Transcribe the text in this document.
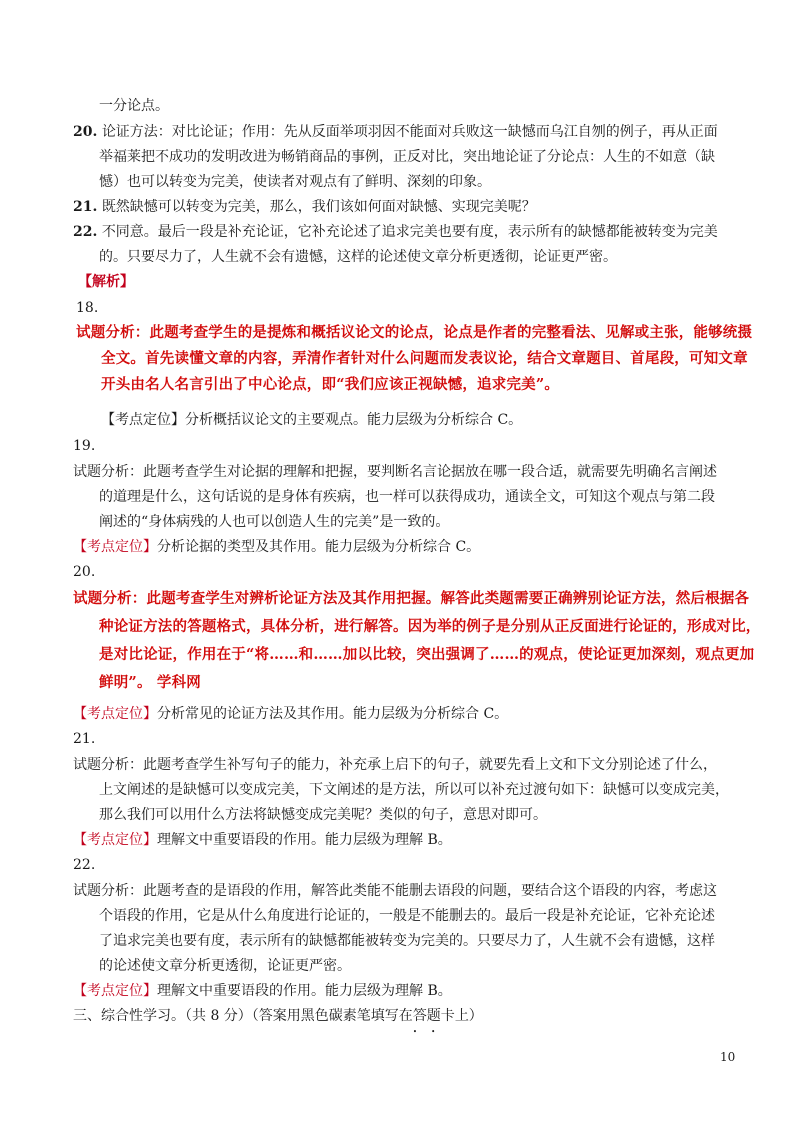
一分论点。
20. 论证方法：对比论证；作用：先从反面举项羽因不能面对兵败这一缺憾而乌江自刎的例子，再从正面
举福莱把不成功的发明改进为畅销商品的事例，正反对比，突出地论证了分论点：人生的不如意（缺
憾）也可以转变为完美，使读者对观点有了鲜明、深刻的印象。
21. 既然缺憾可以转变为完美，那么，我们该如何面对缺憾、实现完美呢？
22. 不同意。最后一段是补充论证，它补充论述了追求完美也要有度，表示所有的缺憾都能被转变为完美
的。只要尽力了，人生就不会有遗憾，这样的论述使文章分析更透彻，论证更严密。
【解析】
18.
试题分析：此题考查学生的是提炼和概括议论文的论点，论点是作者的完整看法、见解或主张，能够统摄
全文。首先读懂文章的内容，弄清作者针对什么问题而发表议论，结合文章题目、首尾段，可知文章
开头由名人名言引出了中心论点，即“我们应该正视缺憾，追求完美”。
【考点定位】分析概括议论文的主要观点。能力层级为分析综合 C。
19.
试题分析：此题考查学生对论据的理解和把握，要判断名言论据放在哪一段合适，就需要先明确名言阐述
的道理是什么，这句话说的是身体有疾病，也一样可以获得成功，通读全文，可知这个观点与第二段
阐述的“身体病残的人也可以创造人生的完美”是一致的。
【考点定位】分析论据的类型及其作用。能力层级为分析综合 C。
20.
试题分析：此题考查学生对辨析论证方法及其作用把握。解答此类题需要正确辨别论证方法，然后根据各
种论证方法的答题格式，具体分析，进行解答。因为举的例子是分别从正反面进行论证的，形成对比，
是对比论证，作用在于“将……和……加以比较，突出强调了……的观点，使论证更加深刻，观点更加
鲜明”。 学科网
【考点定位】分析常见的论证方法及其作用。能力层级为分析综合 C。
21.
试题分析：此题考查学生补写句子的能力，补充承上启下的句子，就要先看上文和下文分别论述了什么，
上文阐述的是缺憾可以变成完美，下文阐述的是方法，所以可以补充过渡句如下：缺憾可以变成完美，
那么我们可以用什么方法将缺憾变成完美呢？类似的句子，意思对即可。
【考点定位】理解文中重要语段的作用。能力层级为理解 B。
22.
试题分析：此题考查的是语段的作用，解答此类能不能删去语段的问题，要结合这个语段的内容，考虑这
个语段的作用，它是从什么角度进行论证的，一般是不能删去的。最后一段是补充论证，它补充论述
了追求完美也要有度，表示所有的缺憾都能被转变为完美的。只要尽力了，人生就不会有遗憾，这样
的论述使文章分析更透彻，论证更严密。
【考点定位】理解文中重要语段的作用。能力层级为理解 B。
三、综合性学习。（共 8 分）（答案用黑色碳素笔填写在答题卡 • •上）
10
